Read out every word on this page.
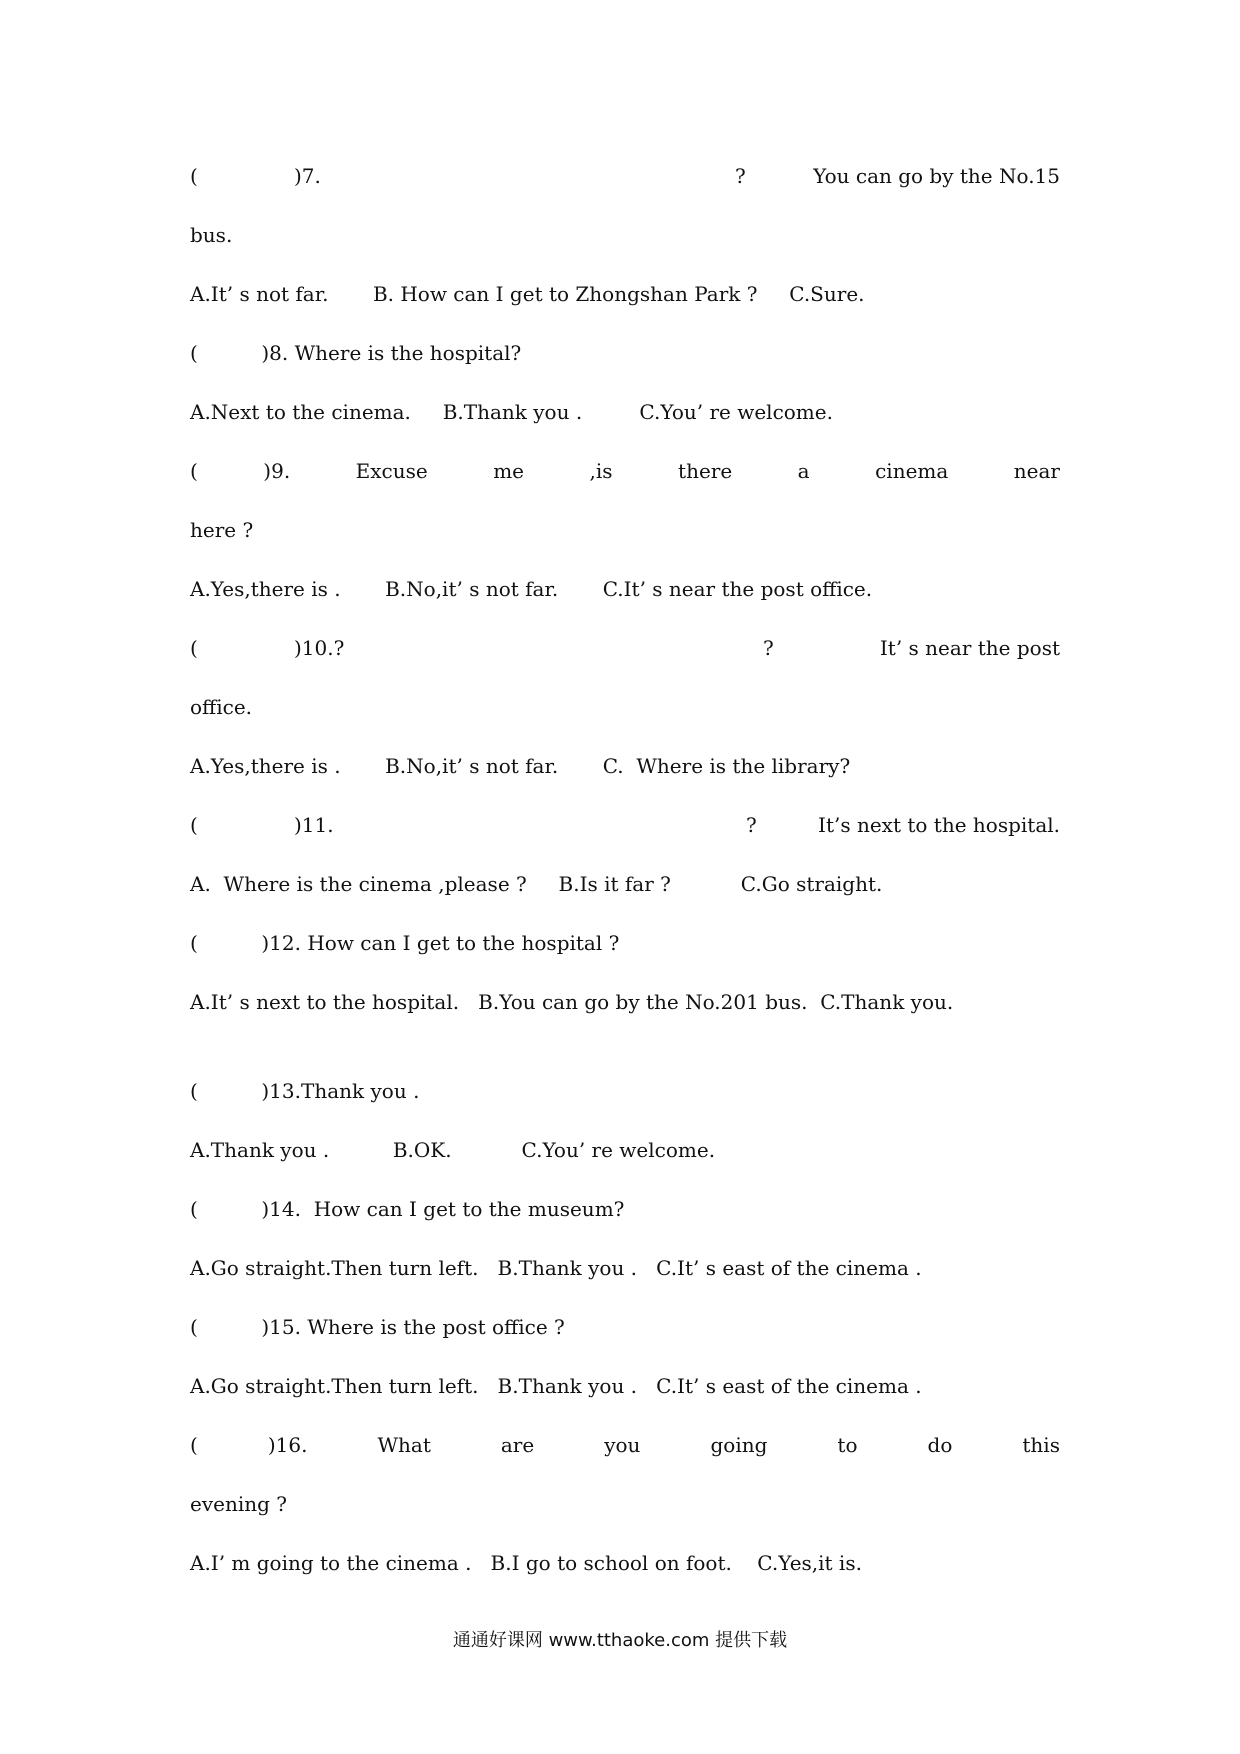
(

	)7.

	?

	You can go by the No.15

bus.
A.It’ s not far.       B. How can I get to Zhongshan Park ?     C.Sure.
(          )8. Where is the hospital?
A.Next to the cinema.     B.Thank you .         C.You’ re welcome.
(	)9.	Excuse	me	,is	there	a	cinema	near
here ?
A.Yes,there is .       B.No,it’ s not far.       C.It’ s near the post office.

(

	)10.?

	?

	It’ s near the post

office.
A.Yes,there is .       B.No,it’ s not far.       C.  Where is the library?

(

	)11.

	?

	It’s next to the hospital.

A.  Where is the cinema ,please ?     B.Is it far ?           C.Go straight.
(          )12. How can I get to the hospital ?
A.It’ s next to the hospital.   B.You can go by the No.201 bus.  C.Thank you.
(          )13.Thank you .
A.Thank you .          B.OK.           C.You’ re welcome.
(          )14.  How can I get to the museum?
A.Go straight.Then turn left.   B.Thank you .   C.It’ s east of the cinema .
(          )15. Where is the post office ?
A.Go straight.Then turn left.   B.Thank you .   C.It’ s east of the cinema .
(	)16.	What	are	you	going	to	do	this
evening ?
A.I’ m going to the cinema .   B.I go to school on foot.    C.Yes,it is.
通通好课网 www.tthaoke.com 提供下载
